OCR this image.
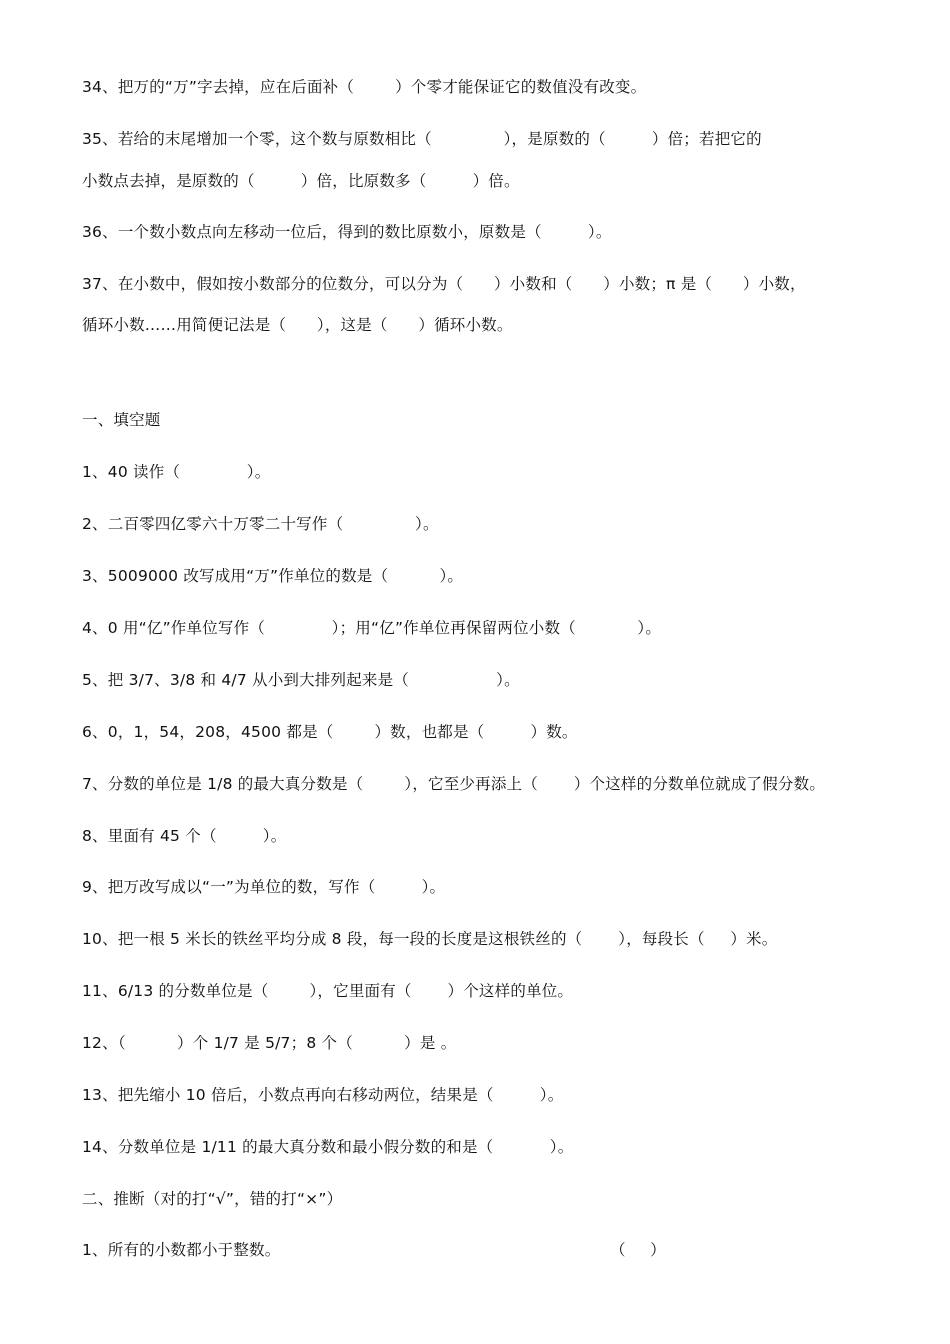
34、把万的“万”字去掉，应在后面补（        ）个零才能保证它的数值没有改变。
35、若给的末尾增加一个零，这个数与原数相比（              ），是原数的（         ）倍；若把它的
小数点去掉，是原数的（         ）倍，比原数多（         ）倍。
36、一个数小数点向左移动一位后，得到的数比原数小，原数是（         ）。
37、在小数中，假如按小数部分的位数分，可以分为（      ）小数和（      ）小数；π 是（      ）小数，
循环小数……用简便记法是（      ），这是（      ）循环小数。
一、填空题
1、40 读作（             ）。
2、二百零四亿零六十万零二十写作（              ）。
3、5009000 改写成用“万”作单位的数是（          ）。
4、0 用“亿”作单位写作（             ）；用“亿”作单位再保留两位小数（            ）。
5、把 3/7、3/8 和 4/7 从小到大排列起来是（                 ）。
6、0，1，54，208，4500 都是（        ）数，也都是（         ）数。
7、分数的单位是 1/8 的最大真分数是（        ），它至少再添上（       ）个这样的分数单位就成了假分数。
8、里面有 45 个（         ）。
9、把万改写成以“一”为单位的数，写作（         ）。
10、把一根 5 米长的铁丝平均分成 8 段，每一段的长度是这根铁丝的（       ），每段长（     ）米。
11、6/13 的分数单位是（        ），它里面有（       ）个这样的单位。
12、（          ）个 1/7 是 5/7；8 个（          ）是 。
13、把先缩小 10 倍后，小数点再向右移动两位，结果是（         ）。
14、分数单位是 1/11 的最大真分数和最小假分数的和是（           ）。
二、推断（对的打“√”，错的打“×”）
1、所有的小数都小于整数。	（     ）
